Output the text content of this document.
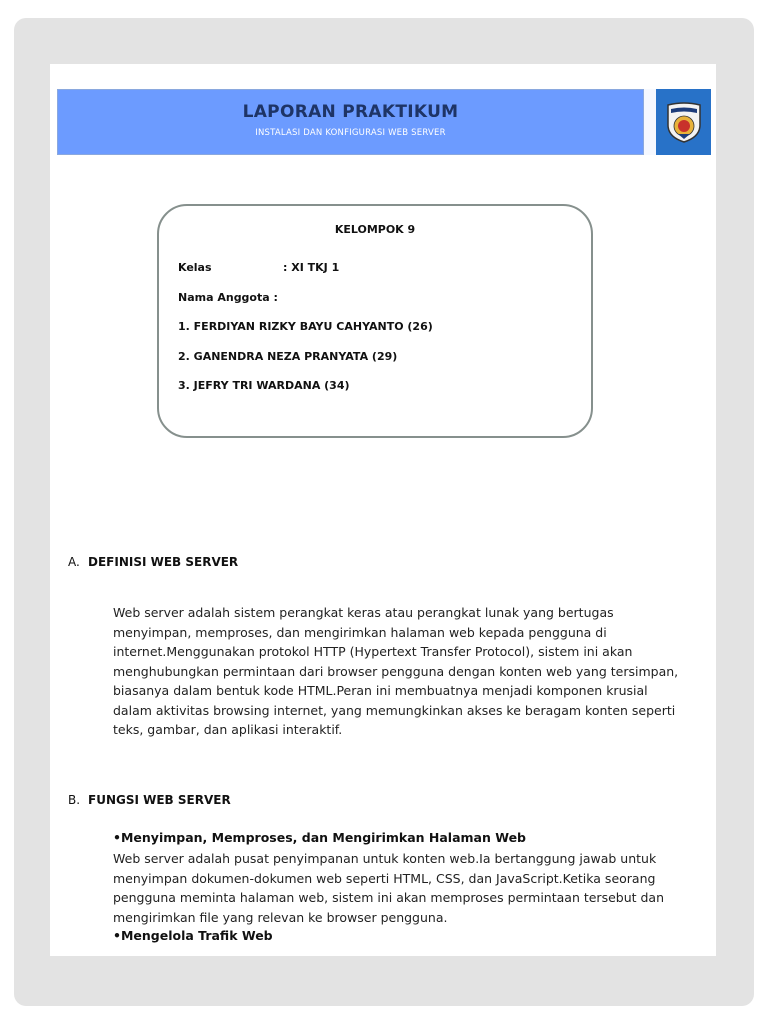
LAPORAN PRAKTIKUM
INSTALASI DAN KONFIGURASI WEB SERVER
KELOMPOK 9
Kelas	: XI TKJ 1
Nama Anggota :
1. FERDIYAN RIZKY BAYU CAHYANTO (26)
2. GANENDRA NEZA PRANYATA (29)
3. JEFRY TRI WARDANA (34)
A. DEFINISI WEB SERVER
Web server adalah sistem perangkat keras atau perangkat lunak yang bertugas
menyimpan, memproses, dan mengirimkan halaman web kepada pengguna di
internet.Menggunakan protokol HTTP (Hypertext Transfer Protocol), sistem ini akan
menghubungkan permintaan dari browser pengguna dengan konten web yang tersimpan,
biasanya dalam bentuk kode HTML.Peran ini membuatnya menjadi komponen krusial
dalam aktivitas browsing internet, yang memungkinkan akses ke beragam konten seperti
teks, gambar, dan aplikasi interaktif.
B. FUNGSI WEB SERVER
•Menyimpan, Memproses, dan Mengirimkan Halaman Web
Web server adalah pusat penyimpanan untuk konten web.Ia bertanggung jawab untuk
menyimpan dokumen-dokumen web seperti HTML, CSS, dan JavaScript.Ketika seorang
pengguna meminta halaman web, sistem ini akan memproses permintaan tersebut dan
mengirimkan file yang relevan ke browser pengguna.
•Mengelola Trafik Web
